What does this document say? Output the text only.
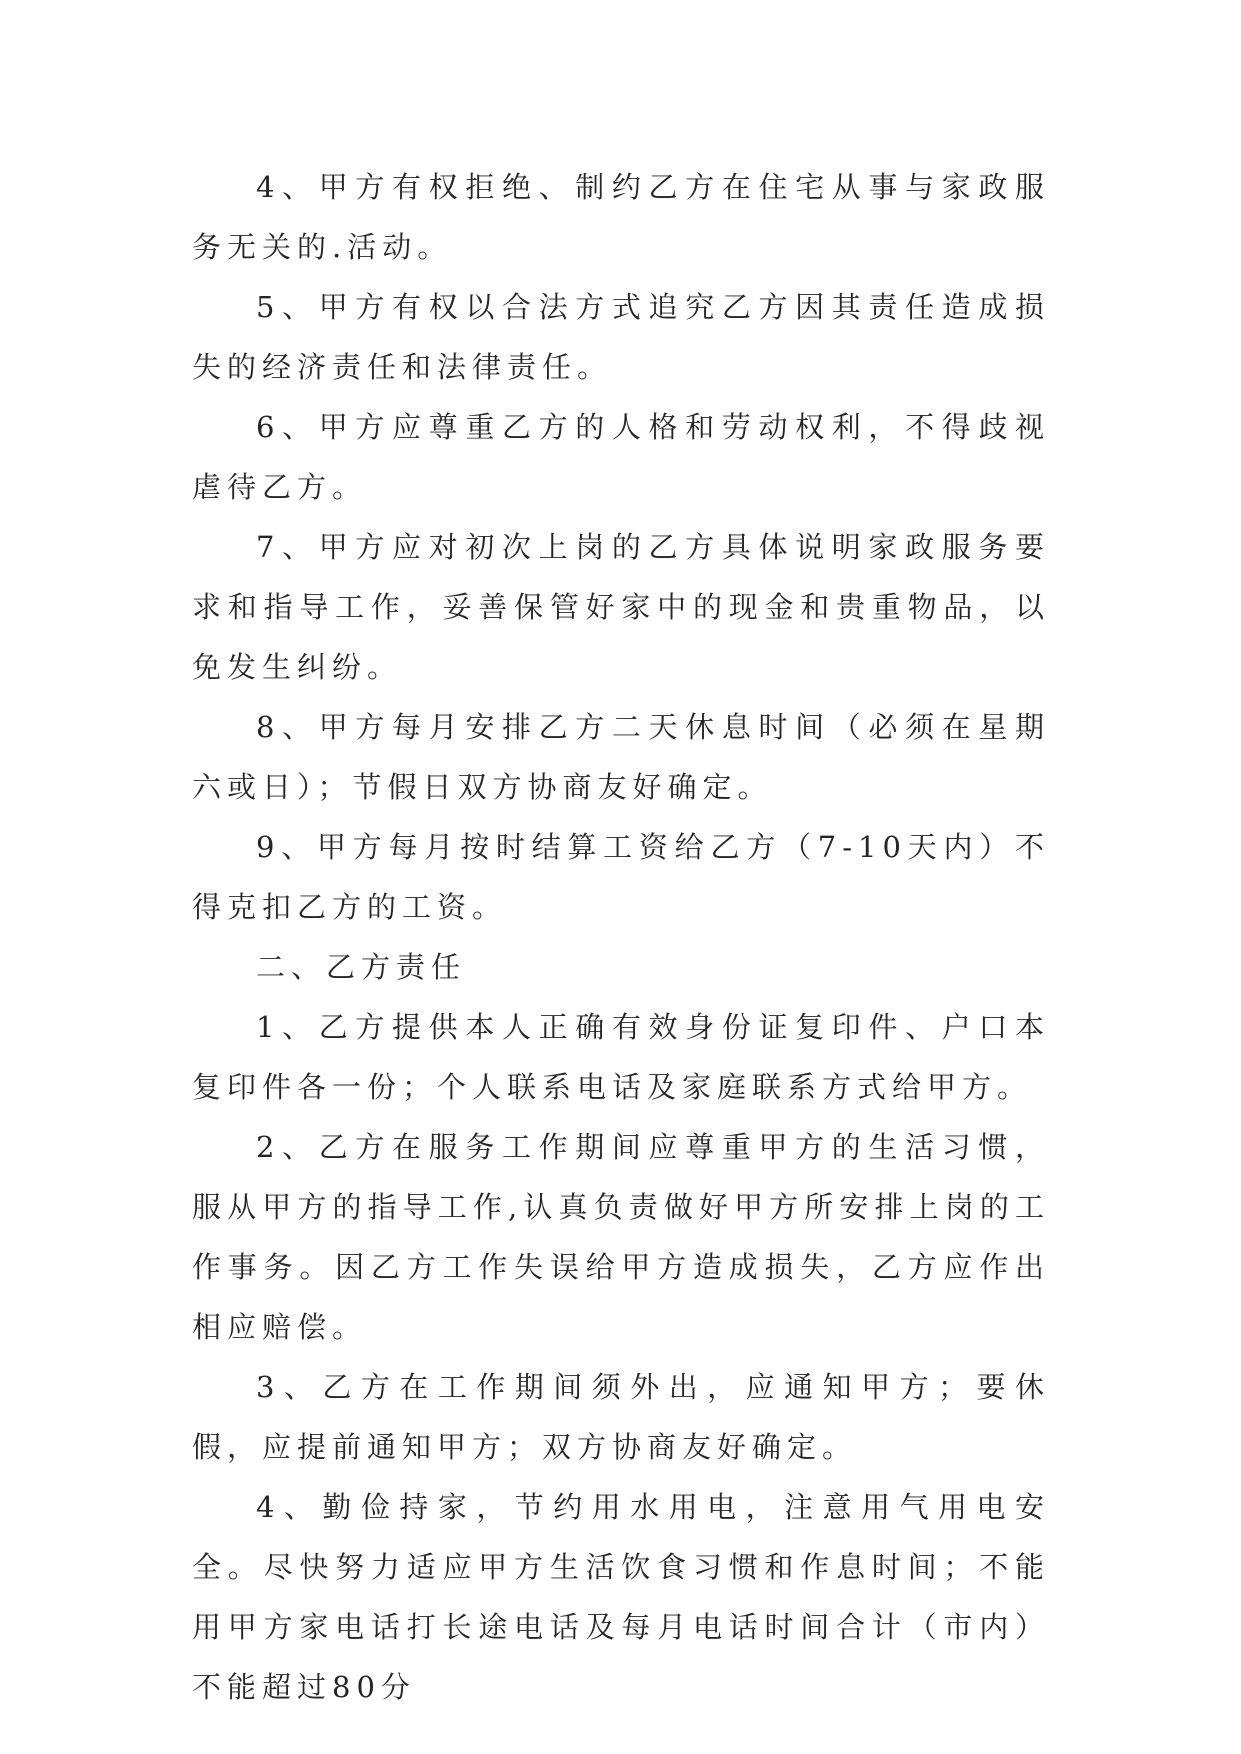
4、甲方有权拒绝、制约乙方在住宅从事与家政服务无关的.活动。

5、甲方有权以合法方式追究乙方因其责任造成损失的经济责任和法律责任。

6、甲方应尊重乙方的人格和劳动权利，不得歧视虐待乙方。

7、甲方应对初次上岗的乙方具体说明家政服务要求和指导工作，妥善保管好家中的现金和贵重物品，以免发生纠纷。

8、甲方每月安排乙方二天休息时间（必须在星期六或日）；节假日双方协商友好确定。

9、甲方每月按时结算工资给乙方（7-10天内）不得克扣乙方的工资。

二、乙方责任

1、乙方提供本人正确有效身份证复印件、户口本复印件各一份；个人联系电话及家庭联系方式给甲方。

2、乙方在服务工作期间应尊重甲方的生活习惯，服从甲方的指导工作,认真负责做好甲方所安排上岗的工作事务。因乙方工作失误给甲方造成损失，乙方应作出相应赔偿。

3、乙方在工作期间须外出，应通知甲方；要休假，应提前通知甲方；双方协商友好确定。

4、勤俭持家，节约用水用电，注意用气用电安全。尽快努力适应甲方生活饮食习惯和作息时间；不能用甲方家电话打长途电话及每月电话时间合计（市内）不能超过80分
